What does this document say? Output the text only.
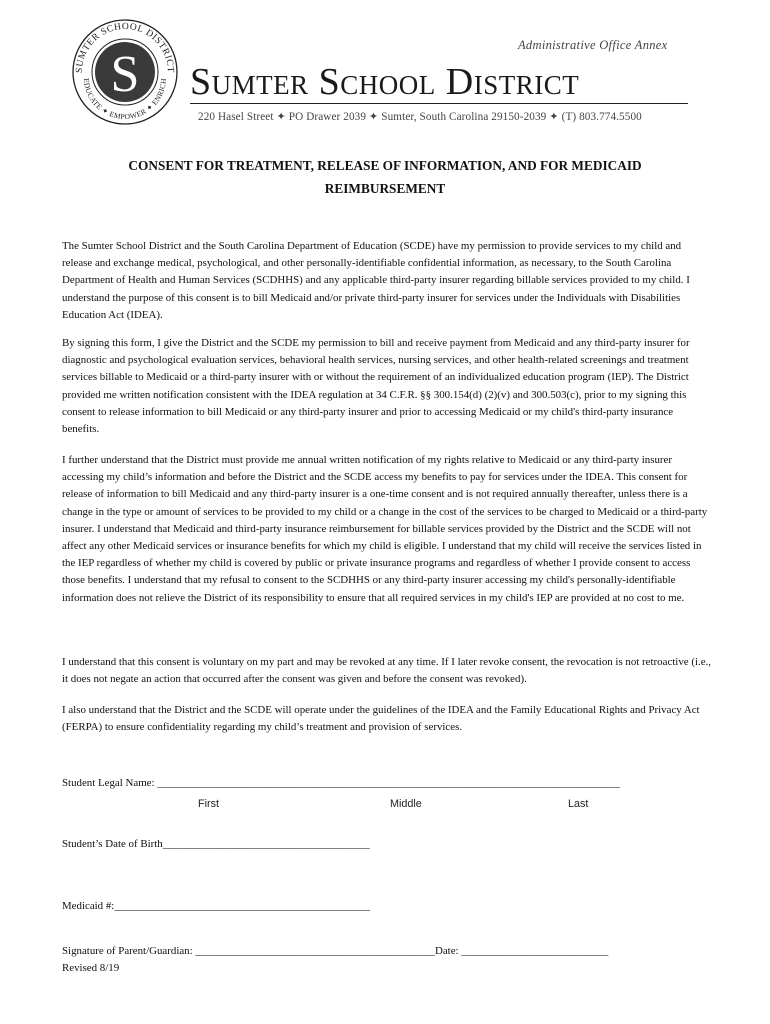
S
SUMTER SCHOOL DISTRICT
EDUCATE ✦ EMPOWER ✦ ENRICH
Administrative Office Annex
Sumter School District
220 Hasel Street ✦ PO Drawer 2039 ✦ Sumter, South Carolina 29150-2039 ✦ (T) 803.774.5500
CONSENT FOR TREATMENT, RELEASE OF INFORMATION, AND FOR MEDICAID
REIMBURSEMENT

The Sumter School District and the South Carolina Department of Education (SCDE) have my permission to provide services to my child and release and exchange medical, psychological, and other personally-identifiable confidential information, as necessary, to the South Carolina Department of Health and Human Services (SCDHHS) and any applicable third-party insurer regarding billable services provided to my child. I understand the purpose of this consent is to bill Medicaid and/or private third-party insurer for services under the Individuals with Disabilities Education Act (IDEA).

By signing this form, I give the District and the SCDE my permission to bill and receive payment from Medicaid and any third-party insurer for diagnostic and psychological evaluation services, behavioral health services, nursing services, and other health-related screenings and treatment services billable to Medicaid or a third-party insurer with or without the requirement of an individualized education program (IEP). The District provided me written notification consistent with the IDEA regulation at 34 C.F.R. §§ 300.154(d) (2)(v) and 300.503(c), prior to my signing this consent to release information to bill Medicaid or any third-party insurer and prior to accessing Medicaid or my child's third-party insurance benefits.

I further understand that the District must provide me annual written notification of my rights relative to Medicaid or any third-party insurer accessing my child’s information and before the District and the SCDE access my benefits to pay for services under the IDEA. This consent for release of information to bill Medicaid and any third-party insurer is a one-time consent and is not required annually thereafter, unless there is a change in the type or amount of services to be provided to my child or a change in the cost of the services to be charged to Medicaid or a third-party insurer. I understand that Medicaid and third-party insurance reimbursement for billable services provided by the District and the SCDE will not affect any other Medicaid services or insurance benefits for which my child is eligible. I understand that my child will receive the services listed in the IEP regardless of whether my child is covered by public or private insurance programs and regardless of whether I provide consent to access those benefits. I understand that my refusal to consent to the SCDHHS or any third-party insurer accessing my child's personally-identifiable information does not relieve the District of its responsibility to ensure that all required services in my child's IEP are provided at no cost to me.

I understand that this consent is voluntary on my part and may be revoked at any time. If I later revoke consent, the revocation is not retroactive (i.e., it does not negate an action that occurred after the consent was given and before the consent was revoked).

I also understand that the District and the SCDE will operate under the guidelines of the IDEA and the Family Educational Rights and Privacy Act (FERPA) to ensure confidentiality regarding my child’s treatment and provision of services.

Student Legal Name: _____________________________________________________________________________________
First	Middle	Last
Student’s Date of Birth______________________________________
Medicaid #:_______________________________________________
Signature of Parent/Guardian: ____________________________________________Date: ___________________________
Revised 8/19
